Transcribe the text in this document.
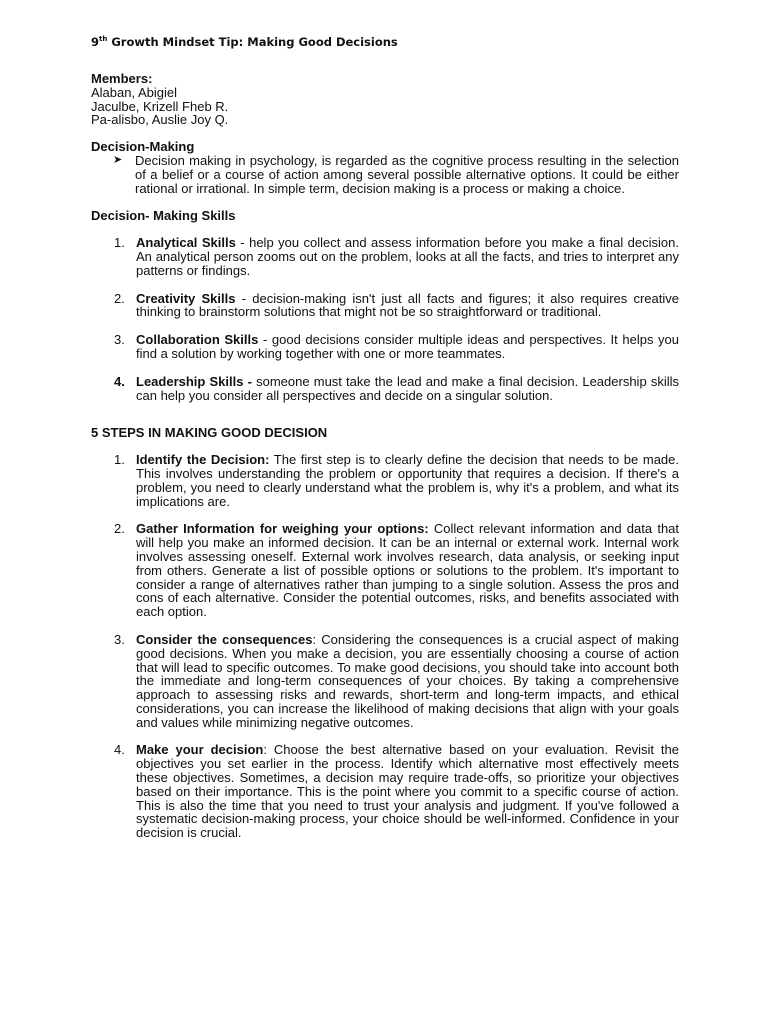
9th Growth Mindset Tip: Making Good Decisions
Members:
Alaban, Abigiel
Jaculbe, Krizell Fheb R.
Pa-alisbo, Auslie Joy Q.
Decision-Making
➤ Decision making in psychology, is regarded as the cognitive process resulting in the selection of a belief or a course of action among several possible alternative options. It could be either rational or irrational. In simple term, decision making is a process or making a choice.
Decision- Making Skills
1. Analytical Skills - help you collect and assess information before you make a final decision. An analytical person zooms out on the problem, looks at all the facts, and tries to interpret any patterns or findings.
2. Creativity Skills - decision-making isn't just all facts and figures; it also requires creative thinking to brainstorm solutions that might not be so straightforward or traditional.
3. Collaboration Skills - good decisions consider multiple ideas and perspectives. It helps you find a solution by working together with one or more teammates.
4. Leadership Skills - someone must take the lead and make a final decision. Leadership skills can help you consider all perspectives and decide on a singular solution.
5 STEPS IN MAKING GOOD DECISION
1. Identify the Decision: The first step is to clearly define the decision that needs to be made. This involves understanding the problem or opportunity that requires a decision. If there's a problem, you need to clearly understand what the problem is, why it's a problem, and what its implications are.
2. Gather Information for weighing your options: Collect relevant information and data that will help you make an informed decision. It can be an internal or external work. Internal work involves assessing oneself. External work involves research, data analysis, or seeking input from others. Generate a list of possible options or solutions to the problem. It's important to consider a range of alternatives rather than jumping to a single solution. Assess the pros and cons of each alternative. Consider the potential outcomes, risks, and benefits associated with each option.
3. Consider the consequences: Considering the consequences is a crucial aspect of making good decisions. When you make a decision, you are essentially choosing a course of action that will lead to specific outcomes. To make good decisions, you should take into account both the immediate and long-term consequences of your choices. By taking a comprehensive approach to assessing risks and rewards, short-term and long-term impacts, and ethical considerations, you can increase the likelihood of making decisions that align with your goals and values while minimizing negative outcomes.
4. Make your decision: Choose the best alternative based on your evaluation. Revisit the objectives you set earlier in the process. Identify which alternative most effectively meets these objectives. Sometimes, a decision may require trade-offs, so prioritize your objectives based on their importance. This is the point where you commit to a specific course of action. This is also the time that you need to trust your analysis and judgment. If you've followed a systematic decision-making process, your choice should be well-informed. Confidence in your decision is crucial.
